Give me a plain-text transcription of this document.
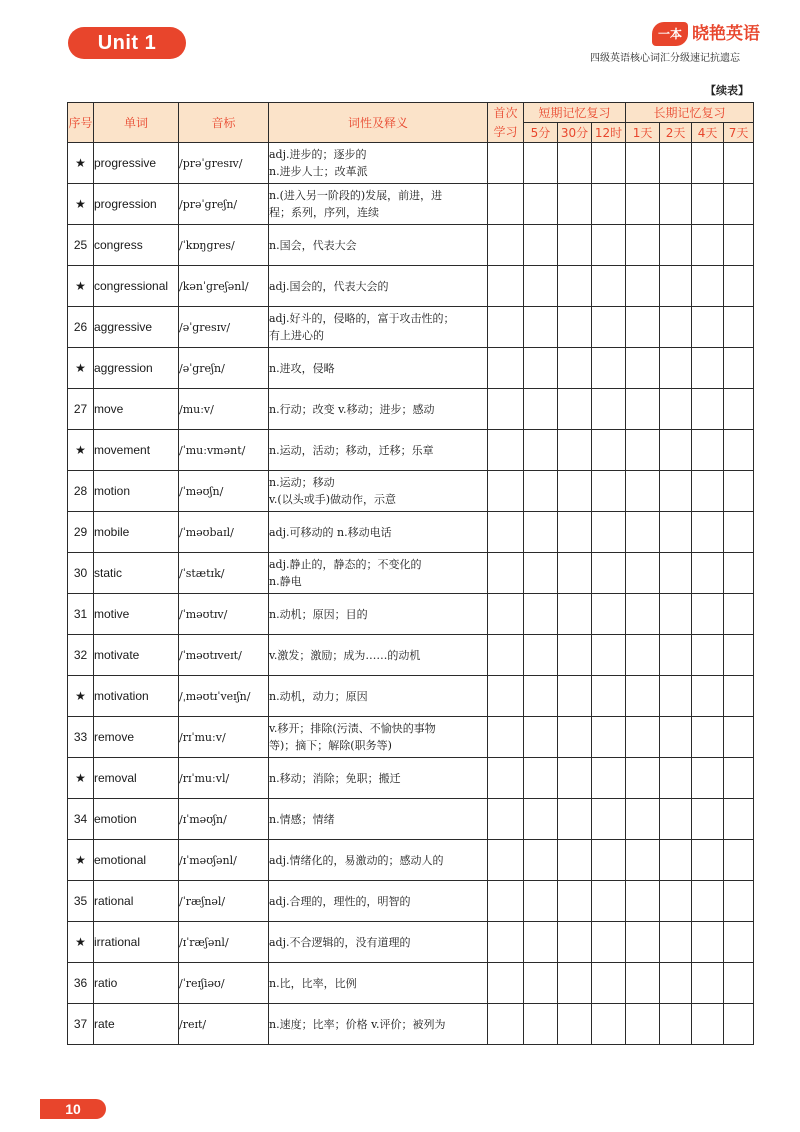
Unit 1	一本 晓艳英语
四级英语核心词汇分级速记抗遗忘
【续表】
序号	单词	音标	词性及释义	首次学习	短期记忆复习			长期记忆复习			
					5分	30分	12时	1天	2天	4天	7天
★	progressive	/prəˈgresɪv/	adj.进步的；逐步的
n.进步人士；改革派								

★	progression	/prəˈgreʃn/	n.(进入另一阶段的)发展，前进，进
程；系列，序列，连续								

25	congress	/ˈkɒŋgres/	n.国会，代表大会								

★	congressional	/kənˈgreʃənl/	adj.国会的，代表大会的								

26	aggressive	/əˈgresɪv/	adj.好斗的，侵略的，富于攻击性的；
有上进心的								

★	aggression	/əˈgreʃn/	n.进攻，侵略								

27	move	/muːv/	n.行动；改变 v.移动；进步；感动								

★	movement	/ˈmuːvmənt/	n.运动，活动；移动，迁移；乐章								

28	motion	/ˈməʊʃn/	n.运动；移动
v.(以头或手)做动作，示意								

29	mobile	/ˈməʊbaɪl/	adj.可移动的 n.移动电话								

30	static	/ˈstætɪk/	adj.静止的，静态的；不变化的
n.静电								

31	motive	/ˈməʊtɪv/	n.动机；原因；目的								

32	motivate	/ˈməʊtɪveɪt/	v.激发；激励；成为……的动机								

★	motivation	/ˌməʊtɪˈveɪʃn/	n.动机，动力；原因								

33	remove	/rɪˈmuːv/	v.移开；排除(污渍、不愉快的事物
等)；摘下；解除(职务等)								

★	removal	/rɪˈmuːvl/	n.移动；消除；免职；搬迁								

34	emotion	/ɪˈməʊʃn/	n.情感；情绪								

★	emotional	/ɪˈməʊʃənl/	adj.情绪化的，易激动的；感动人的								

35	rational	/ˈræʃnəl/	adj.合理的，理性的，明智的								

★	irrational	/ɪˈræʃənl/	adj.不合逻辑的，没有道理的								

36	ratio	/ˈreɪʃiəʊ/	n.比，比率，比例								

37	rate	/reɪt/	n.速度；比率；价格 v.评价；被列为								

10
